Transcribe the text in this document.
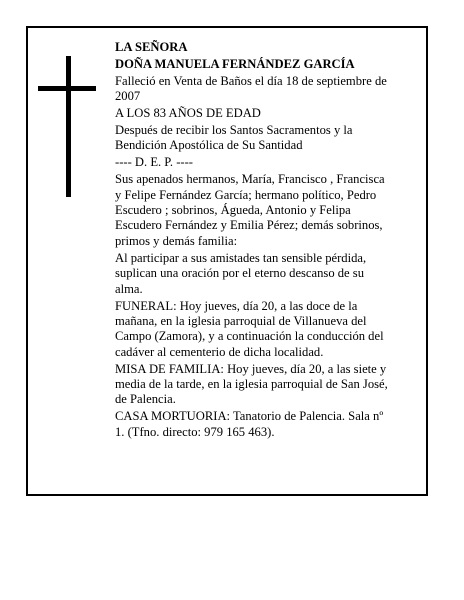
LA SEÑORA

DOÑA MANUELA FERNÁNDEZ GARCÍA

Falleció en Venta de Baños el día 18 de septiembre de 2007

A LOS 83 AÑOS DE EDAD

Después de recibir los Santos Sacramentos y la Bendición Apostólica de Su Santidad

---- D. E. P. ----

Sus apenados hermanos, María, Francisco , Francisca y Felipe Fernández García; hermano político, Pedro Escudero ; sobrinos, Águeda, Antonio y Felipa Escudero Fernández y Emilia Pérez; demás sobrinos, primos y demás familia:

Al participar a sus amistades tan sensible pérdida, suplican una oración por el eterno descanso de su alma.

FUNERAL: Hoy jueves, día 20, a las doce de la mañana, en la iglesia parroquial de Villanueva del Campo (Zamora), y a continuación la conducción del cadáver al cementerio de dicha localidad.

MISA DE FAMILIA: Hoy jueves, día 20, a las siete y media de la tarde, en la iglesia parroquial de San José, de Palencia.

CASA MORTUORIA: Tanatorio de Palencia. Sala nº 1. (Tfno. directo: 979 165 463).
